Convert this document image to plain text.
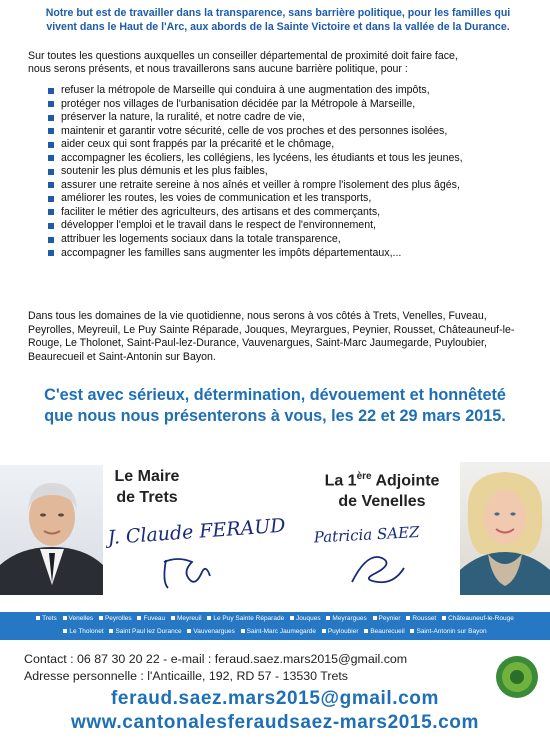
Notre but est de travailler dans la transparence, sans barrière politique, pour les familles qui
vivent dans le Haut de l'Arc, aux abords de la Sainte Victoire et dans la vallée de la Durance.
Sur toutes les questions auxquelles un conseiller départemental de proximité doit faire face,
nous serons présents, et nous travaillerons sans aucune barrière politique, pour :
refuser la métropole de Marseille qui conduira à une augmentation des impôts,
protéger nos villages de l'urbanisation décidée par la Métropole à Marseille,
préserver la nature, la ruralité, et notre cadre de vie,
maintenir et garantir votre sécurité, celle de vos proches et des personnes isolées,
aider ceux qui sont frappés par la précarité et le chômage,
accompagner les écoliers, les collégiens, les lycéens, les étudiants et tous les jeunes,
soutenir les plus démunis et les plus faibles,
assurer une retraite sereine à nos aînés et veiller à rompre l'isolement des plus âgés,
améliorer les routes, les voies de communication et les transports,
faciliter le métier des agriculteurs, des artisans et des commerçants,
développer l'emploi et le travail dans le respect de l'environnement,
attribuer les logements sociaux dans la totale transparence,
accompagner les familles sans augmenter les impôts départementaux,...
Dans tous les domaines de la vie quotidienne, nous serons à vos côtés à Trets, Venelles, Fuveau,
Peyrolles, Meyreuil, Le Puy Sainte Réparade, Jouques, Meyrargues, Peynier, Rousset, Châteauneuf-le-
Rouge, Le Tholonet, Saint-Paul-lez-Durance, Vauvenargues, Saint-Marc Jaumegarde, Puyloubier,
Beaurecueil et Saint-Antonin sur Bayon.
C'est avec sérieux, détermination, dévouement et honnêteté
que nous nous présenterons à vous, les 22 et 29 mars 2015.
Le Maire
de Trets
J. Claude FERAUD
La 1ère Adjointe
de Venelles
Patricia SAEZ
Trets Venelles Peyrolles Fuveau Meyreuil Le Puy Sainte Réparade Jouques Meyrargues Peynier Rousset Châteauneuf-le-Rouge
Le Tholonet Saint Paul lez Durance Vauvenargues Saint-Marc Jaumegarde Puyloubier Beaurecueil Saint-Antonin sur Bayon
Contact : 06 87 30 20 22 - e-mail : feraud.saez.mars2015@gmail.com
Adresse personnelle : l'Anticaille, 192, RD 57 - 13530 Trets
feraud.saez.mars2015@gmail.com
www.cantonalesferaudsaez-mars2015.com
